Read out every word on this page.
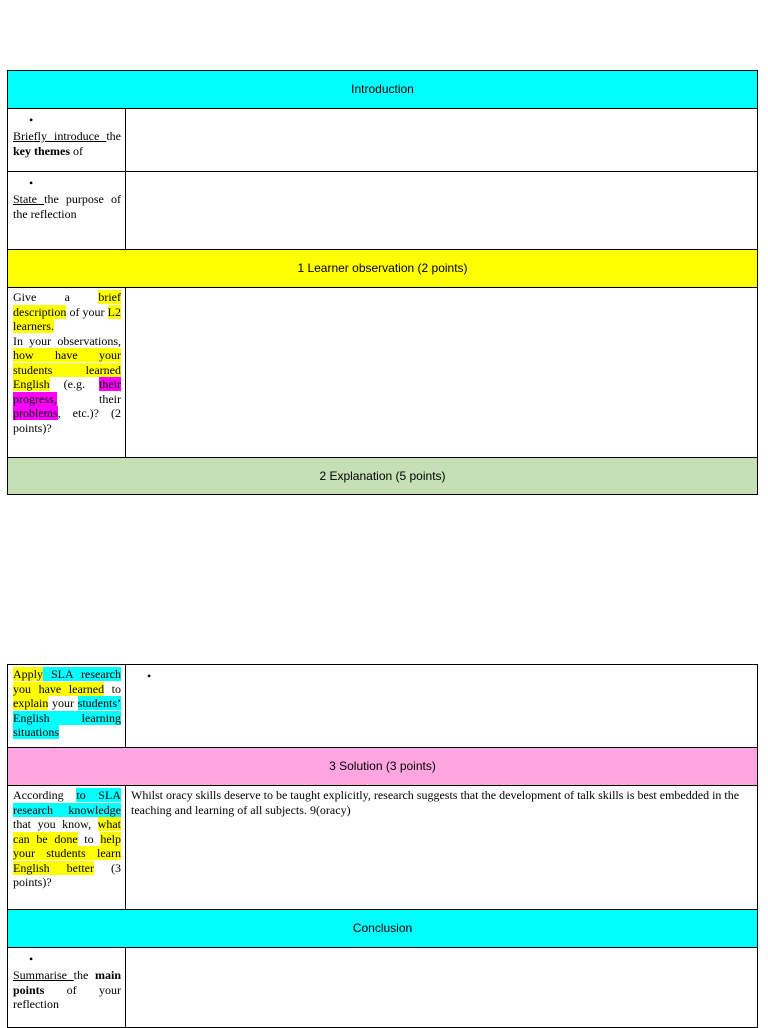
Introduction	

•
Briefly introduce the key themes of	

•
State the purpose of the reflection	
1 Learner observation (2 points)	
Give a brief description of your L2 learners.
In your observations, how have your students learned English (e.g. their progress, their problems, etc.)? (2 points)?	
2 Explanation (5 points)	
Apply SLA research you have learned to explain your students’ English learning situations	•

3 Solution (3 points)	
According to SLA research knowledge that you know, what can be done to help your students learn English better (3 points)?	Whilst oracy skills deserve to be taught explicitly, research suggests that the development of talk skills is best embedded in the teaching and learning of all subjects. 9(oracy)
Conclusion	

•
Summarise the main points of your reflection	
